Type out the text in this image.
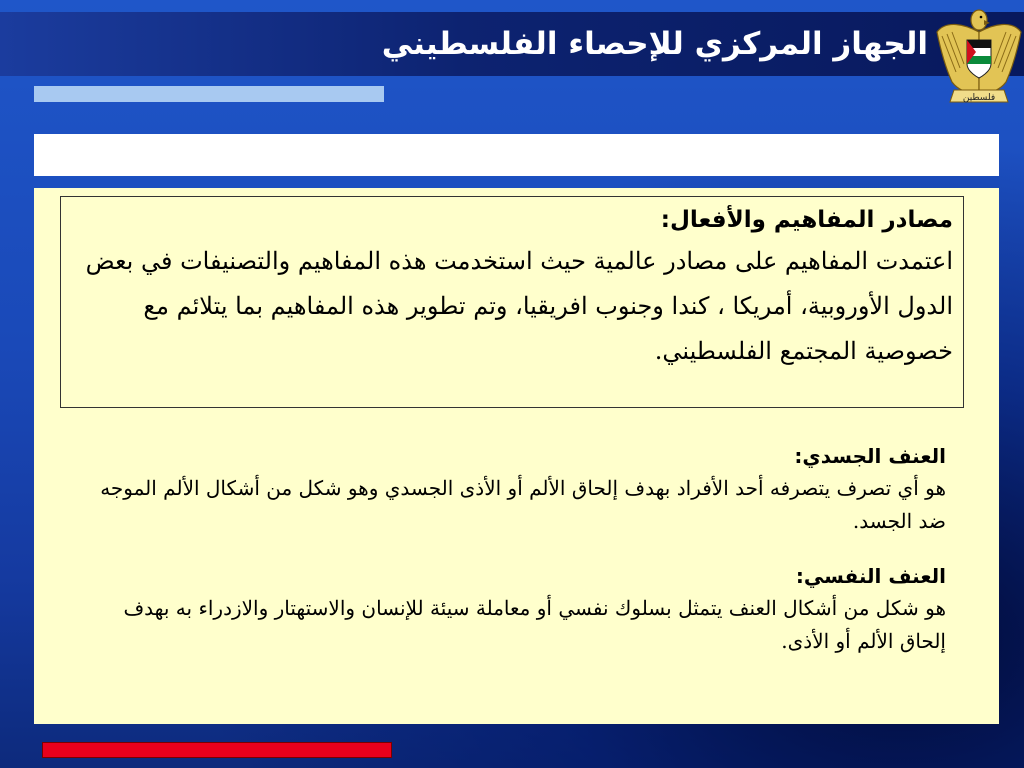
الجهاز المركزي للإحصاء الفلسطيني
فلسطين
مصادر المفاهيم والأفعال:
اعتمدت المفاهيم على مصادر عالمية حيث استخدمت هذه المفاهيم والتصنيفات في بعض الدول الأوروبية، أمريكا ، كندا وجنوب افريقيا، وتم تطوير هذه المفاهيم بما يتلائم مع خصوصية المجتمع الفلسطيني.
العنف الجسدي:
هو أي تصرف يتصرفه أحد الأفراد بهدف إلحاق الألم أو الأذى الجسدي وهو شكل من أشكال الألم الموجه ضد الجسد.
العنف النفسي:
هو شكل من أشكال العنف يتمثل بسلوك نفسي أو معاملة سيئة للإنسان والاستهتار والازدراء به بهدف إلحاق الألم أو الأذى.
